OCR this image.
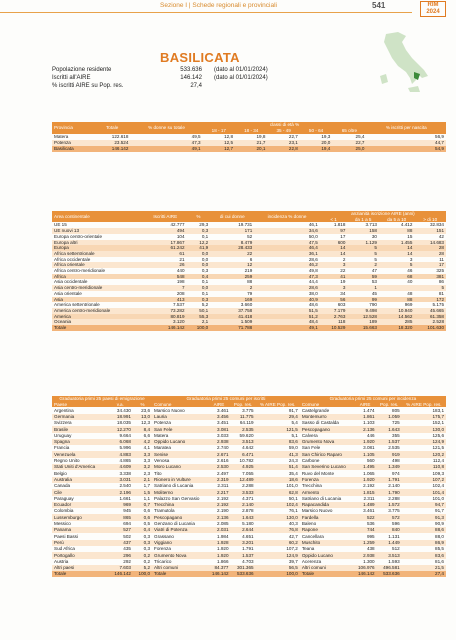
Sezione I | Schede regionali e provinciali	541	RIM 2024
BASILICATA
Popolazione residente	533.636 (dato al 01/01/2024)
Iscritti all'AIRE	146.142 (dato al 01/01/2024)
% iscritti AIRE su Pop. res.	27,4
Provincia	Totale	% donne su totale	classi di età %					% iscritti per nascita
			18 - 17	18 - 34	35 - 49	50 - 64	65 oltre	
Matera	122.618	49,5	12,8	19,8	22,7	19,3	25,4	56,9
Potenza	23.524	47,3	12,5	21,7	23,1	20,0	22,7	44,7
Basilicata	146.142	49,1	12,7	20,1	22,8	19,4	25,0	54,9
Area continentale	Iscritti AIRE	%	di cui donne	incidenza % donne	anzianità iscrizione AIRE (anni)			
					< 1	da 1 a 5	da 5 a 10	> di 10
UE 15	42.777	29,3	19.731	46,1	1.818	3.713	4.412	32.834
UE nuovi 13	494	0,3	171	34,6	97	158	88	151
Europa centro-orientale	104	0,1	52	50,0	17	30	15	42
Europa altri	17.867	12,2	8.479	47,5	600	1.129	1.455	14.683
Europa	61.242	41,9	28.433	46,4	14	5	14	28
Africa settentrionale	61	0,0	22	36,1	14	5	14	28
Africa occidentale	21	0,0	6	28,6	2	5	3	11
Africa orientale	26	0,0	12	46,2	3	2	5	17
Africa centro-meridionale	440	0,3	219	49,8	22	47	46	325
Africa	548	0,4	259	47,3	41	59	68	381
Asia occidentale	198	0,1	88	44,4	19	53	40	86
Asia centro-meridionale	7	0,0	2	28,6	3	1		5
Asia orientale	208	0,1	79	38,0	34	45	48	81
Asia	413	0,3	169	40,9	56	99	88	172
America settentrionale	7.537	5,2	3.660	48,6	603	790	969	5.175
America centro-meridionale	73.282	50,1	37.758	51,5	7.179	9.498	10.940	45.665
America	80.819	55,3	41.418	51,2	2.763	12.528	14.562	61.358
Oceania	3.120	2,1	1.509	48,4	118	189	285	2.528
Totale	146.142	100,0	71.788	49,1	10.529	15.663	18.320	101.630
Graduatoria primi 25 paesi di emigrazione			Graduatoria primi 25 comuni per iscritti				Graduatoria primi 25 comuni per incidenza			
Paese	v.a.	%	Comune	AIRE	Pop. res.	% AIRE Pop. res.	Comune	AIRE	Pop. res.	% AIRE Pop. res.
Argentina	34.430	23,6	Marsico Nuovo	3.461	3.775	91,7	Castelgrande	1.474	805	183,1
Germania	18.991	13,0	Lauria	3.456	11.775	29,4	Montemurro	1.861	1.059	175,7
Svizzera	18.035	12,3	Potenza	3.451	64.119	5,4	Sasso di Castalda	1.103	725	152,1
Brasile	12.270	8,4	San Fele	3.081	2.535	121,5	Pescopagano	2.136	1.643	130,0
Uruguay	9.664	6,6	Matera	3.033	59.620	5,1	Calvera	446	355	125,6
Spagna	6.068	4,2	Oppido Lucano	2.938	3.513	83,6	Grumento Nova	1.920	1.537	124,9
Francia	5.996	4,1	Maratea	2.740	4.642	59,0	San Fele	3.081	2.535	121,5
Venezuela	4.883	3,3	Senise	2.671	6.471	41,3	San Chirico Raparo	1.105	919	120,2
Regno Unito	4.865	3,3	Venosa	2.616	10.782	24,3	Carbone	560	498	112,4
Stati Uniti d'America	4.609	3,2	Moro Lucano	2.530	4.925	51,4	San Severino Lucano	1.495	1.349	110,8
Belgio	3.338	2,3	Tito	2.497	7.055	35,4	Ruvo del Monte	1.065	974	109,3
Australia	3.031	2,1	Rionero in Vulture	2.319	12.489	18,6	Forenza	1.920	1.791	107,2
Canada	2.540	1,7	Satriano di Lucania	2.311	2.288	101,0	Trecchina	2.192	2.140	102,4
Cile	2.196	1,5	Moliterno	2.217	3.533	62,8	Armento	1.815	1.790	101,4
Paraguay	1.661	1,1	Palazzo San Gervasio	2.192	4.371	50,1	Satriano di Lucania	2.311	2.288	101,0
Ecuador	969	0,7	Trecchina	2.192	2.140	102,4	Rapacandida	1.489	1.572	94,7
Colombia	945	0,6	Tramutola	2.190	2.878	76,1	Marsico Nuovo	3.461	3.775	91,7
Lussemburgo	865	0,6	Pescopagano	2.136	1.643	130,0	Fardella	522	572	91,3
Messico	694	0,5	Genzano di Lucania	2.085	5.180	40,3	Baleno	536	596	90,9
Panama	527	0,4	Viatri di Potenza	2.031	2.644	76,8	Rapone	744	840	88,6
Paesi Bassi	502	0,3	Grassano	1.984	4.651	42,7	Cancellara	995	1.131	88,0
Perù	437	0,3	Viggiano	1.928	3.201	60,2	Muschito	1.259	1.449	86,9
Sud Africa	435	0,3	Forenza	1.920	1.791	107,2	Teana	438	512	85,5
Portogallo	296	0,2	Grumento Nova	1.920	1.537	124,9	Oppido Lucano	2.938	3.513	83,6
Austria	292	0,2	Tricarico	1.866	4.703	39,7	Acerenza	1.300	1.593	81,6
Altri paesi	7.603	5,2	Altri comuni	84.377	301.365	56,5	Altri comuni	106.976	496.581	21,5
Totale	146.142	100,0	Totale	146.142	533.636	100,0	Totale	146.142	533.636	27,4
